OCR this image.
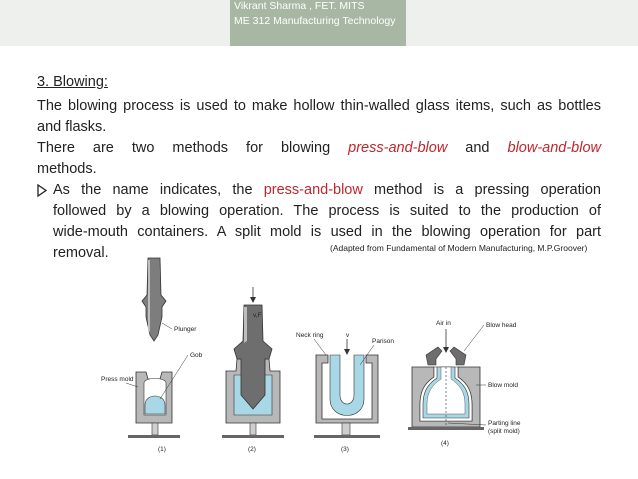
Vikrant Sharma , FET. MITS
ME 312 Manufacturing Technology
3. Blowing:
The blowing process is used to make hollow thin-walled glass items, such as bottles and flasks.
There are two methods for blowing press-and-blow and blow-and-blow
methods.
As the name indicates, the press-and-blow method is a pressing operation
followed by a blowing operation. The process is suited to the production of
wide-mouth containers. A split mold is used in the blowing operation for part
removal.	(Adapted from Fundamental of Modern Manufacturing, M.P.Groover)
Plunger
Gob
Press mold
(1)
v,F
(2)
v
Neck ring
Parison
(3)
Air in	Blow head
Blow mold
Parting line
(split mold)
(4)
